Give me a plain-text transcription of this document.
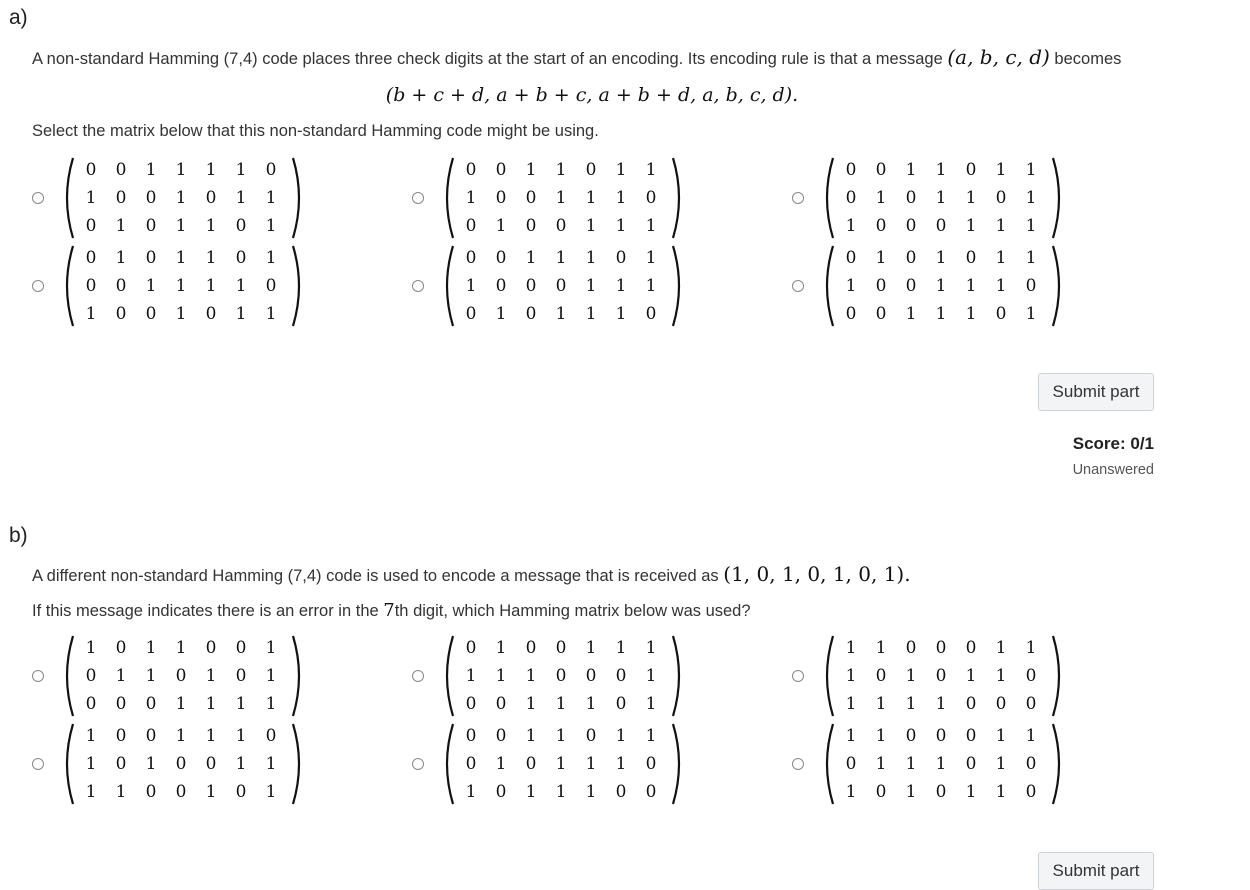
a)
A non-standard Hamming (7,4) code places three check digits at the start of an encoding. Its encoding rule is that a message (a, b, c, d) becomes
(b + c + d, a + b + c, a + b + d, a, b, c, d).
Select the matrix below that this non-standard Hamming code might be using.
0	0	1	1	1	1	0
1	0	0	1	0	1	1
0	1	0	1	1	0	1
0	0	1	1	0	1	1
1	0	0	1	1	1	0
0	1	0	0	1	1	1
0	0	1	1	0	1	1
0	1	0	1	1	0	1
1	0	0	0	1	1	1
0	1	0	1	1	0	1
0	0	1	1	1	1	0
1	0	0	1	0	1	1
0	0	1	1	1	0	1
1	0	0	0	1	1	1
0	1	0	1	1	1	0
0	1	0	1	0	1	1
1	0	0	1	1	1	0
0	0	1	1	1	0	1
Submit part
Score: 0/1
Unanswered
b)
A different non-standard Hamming (7,4) code is used to encode a message that is received as (1, 0, 1, 0, 1, 0, 1).
If this message indicates there is an error in the 7th digit, which Hamming matrix below was used?
1	0	1	1	0	0	1
0	1	1	0	1	0	1
0	0	0	1	1	1	1
0	1	0	0	1	1	1
1	1	1	0	0	0	1
0	0	1	1	1	0	1
1	1	0	0	0	1	1
1	0	1	0	1	1	0
1	1	1	1	0	0	0
1	0	0	1	1	1	0
1	0	1	0	0	1	1
1	1	0	0	1	0	1
0	0	1	1	0	1	1
0	1	0	1	1	1	0
1	0	1	1	1	0	0
1	1	0	0	0	1	1
0	1	1	1	0	1	0
1	0	1	0	1	1	0
Submit part
